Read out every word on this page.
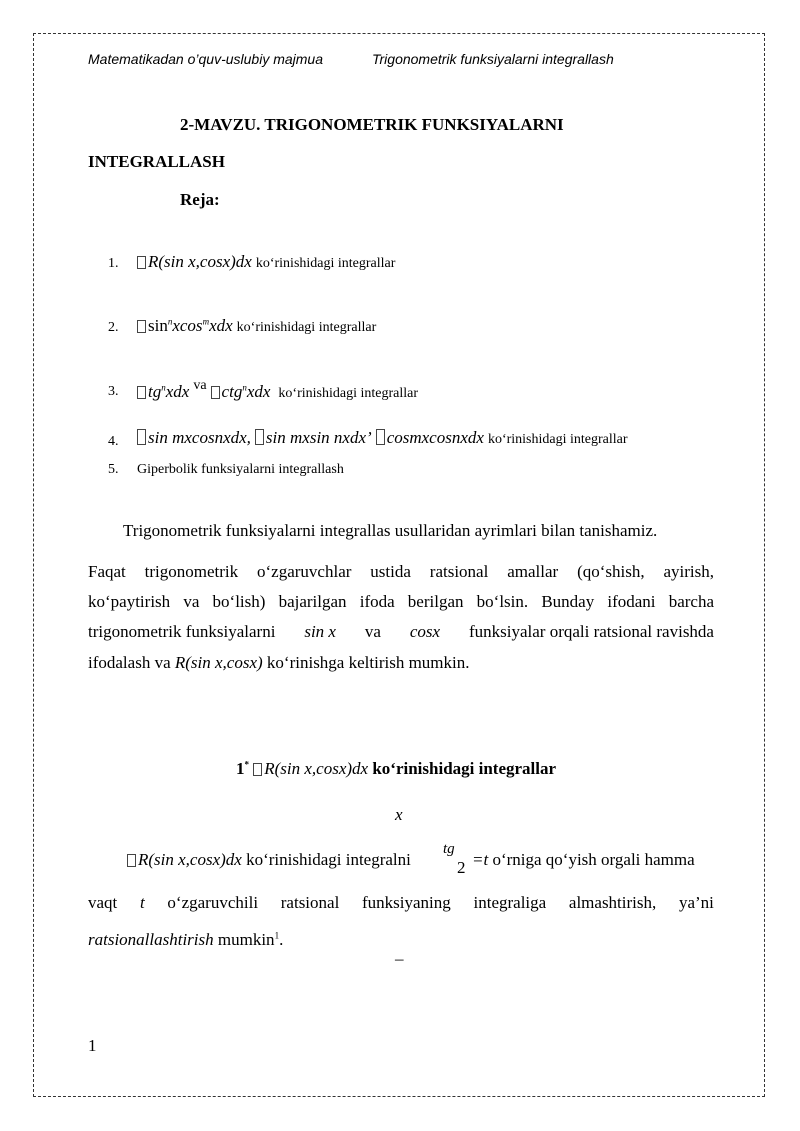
Matematikadan o’quv-uslubiy majmua	Trigonometrik funksiyalarni integrallash
2-MAVZU. TRIGONOMETRIK FUNKSIYALARNI
INTEGRALLASH
Reja:
1.	R(sin x,cosx)dx ko‘rinishidagi integrallar
2.	$\sin^nxcos^mxdx$ ko‘rinishidagi integrallar
3.	$tg^nxdx$ va ctg$^n$xdx ko‘rinishidagi integrallar
4.	sin mxcosnxdx, sin mxsin nxdx’ cosmxcosnxdx ko‘rinishidagi integrallar
5. Giperbolik funksiyalarni integrallash
Trigonometrik funksiyalarni integrallas usullaridan ayrimlari bilan tanishamiz.
Faqat trigonometrik o‘zgaruvchlar ustida ratsional amallar (qo‘shish, ayirish,
ko‘paytirish va bo‘lish) bajarilgan ifoda berilgan bo‘lsin. Bunday ifodani barcha
trigonometrik funksiyalarni sin x va cosx funksiyalar orqali ratsional ravishda
ifodalash va R(sin x,cosx) ko‘rinishga keltirish mumkin.
1* R(sin x,cosx)dx ko‘rinishidagi integrallar
x
R(sin x,cosx)dx ko‘rinishidagi integralni
tg
2 =t o‘rniga qo‘yish orgali hamma
vaqt t o‘zgaruvchili ratsional funksiyaning integraliga almashtirish, ya’ni
ratsionallashtirish mumkin$^1$.
–
1
